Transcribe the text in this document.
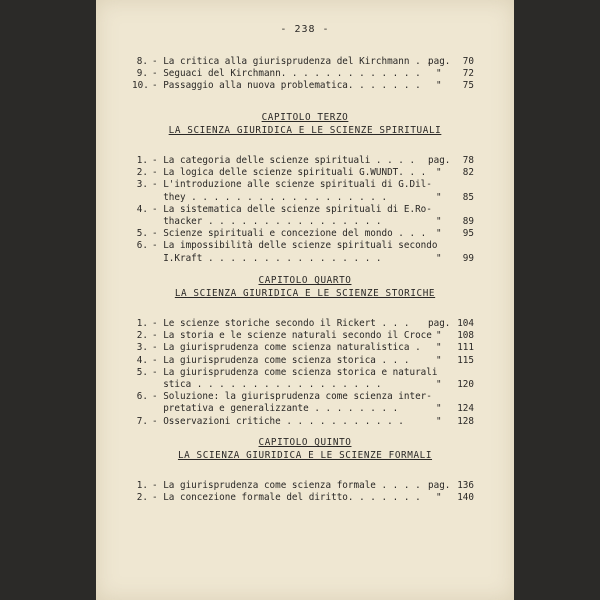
- 238 -
8. - La critica alla giurisprudenza del Kirchmann . .
pag. 70
9. - Seguaci del Kirchmann. . . . . . . . . . . . . " 72
10. - Passaggio alla nuova problematica. . . . . . . " 75
CAPITOLO TERZO
LA SCIENZA GIURIDICA E LE SCIENZE SPIRITUALI
1. - La categoria delle scienze spirituali . . . . pag. 78
2. - La logica delle scienze spirituali G.WUNDT. . . " 82
3. - L'introduzione alle scienze spirituali di G.Dil-
they . . . . . . . . . . . . . . . . . .	" 85
4. - La sistematica delle scienze spirituali di E.Ro-
thacker . . . . . . . . . . . . . . . .	" 89
5. - Scienze spirituali e concezione del mondo . . . " 95
6. - La impossibilità delle scienze spirituali secondo
I.Kraft . . . . . . . . . . . . . . . .	" 99
CAPITOLO QUARTO
LA SCIENZA GIURIDICA E LE SCIENZE STORICHE
1. - Le scienze storiche secondo il Rickert . . . pag. 104
2. - La storia e le scienze naturali secondo il Croce " 108
3. - La giurisprudenza come scienza naturalistica . " 111
4. - La giurisprudenza come scienza storica . . .	" 115
5. - La giurisprudenza come scienza storica e naturali
stica . . . . . . . . . . . . . . . . .	" 120
6. - Soluzione: la giurisprudenza come scienza inter-
pretativa e generalizzante . . . . . . . .	" 124
7. - Osservazioni critiche . . . . . . . . . . .	" 128
CAPITOLO QUINTO
LA SCIENZA GIURIDICA E LE SCIENZE FORMALI
1. - La giurisprudenza come scienza formale . . . . pag. 136
2. - La concezione formale del diritto. . . . . . . " 140
